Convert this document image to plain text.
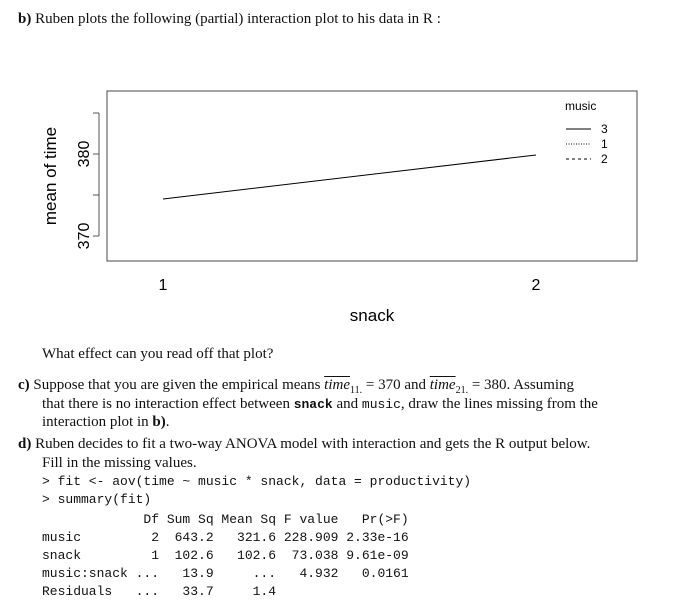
b) Ruben plots the following (partial) interaction plot to his data in R :
380
370
mean of time
1	2
snack
music
3
1
2
What effect can you read off that plot?
c) Suppose that you are given the empirical means time$_{11.}$ = 370 and time$_{21.}$ = 380. Assuming
that there is no interaction effect between snack and music, draw the lines missing from the
interaction plot in b).
d) Ruben decides to fit a two-way ANOVA model with interaction and gets the R output below.
Fill in the missing values.
> fit <- aov(time ~ music * snack, data = productivity)
> summary(fit)
Df Sum Sq Mean Sq F value   Pr(>F)
music         2  643.2   321.6 228.909 2.33e-16
snack         1  102.6   102.6  73.038 9.61e-09
music:snack ...   13.9     ...   4.932   0.0161
Residuals   ...   33.7     1.4
